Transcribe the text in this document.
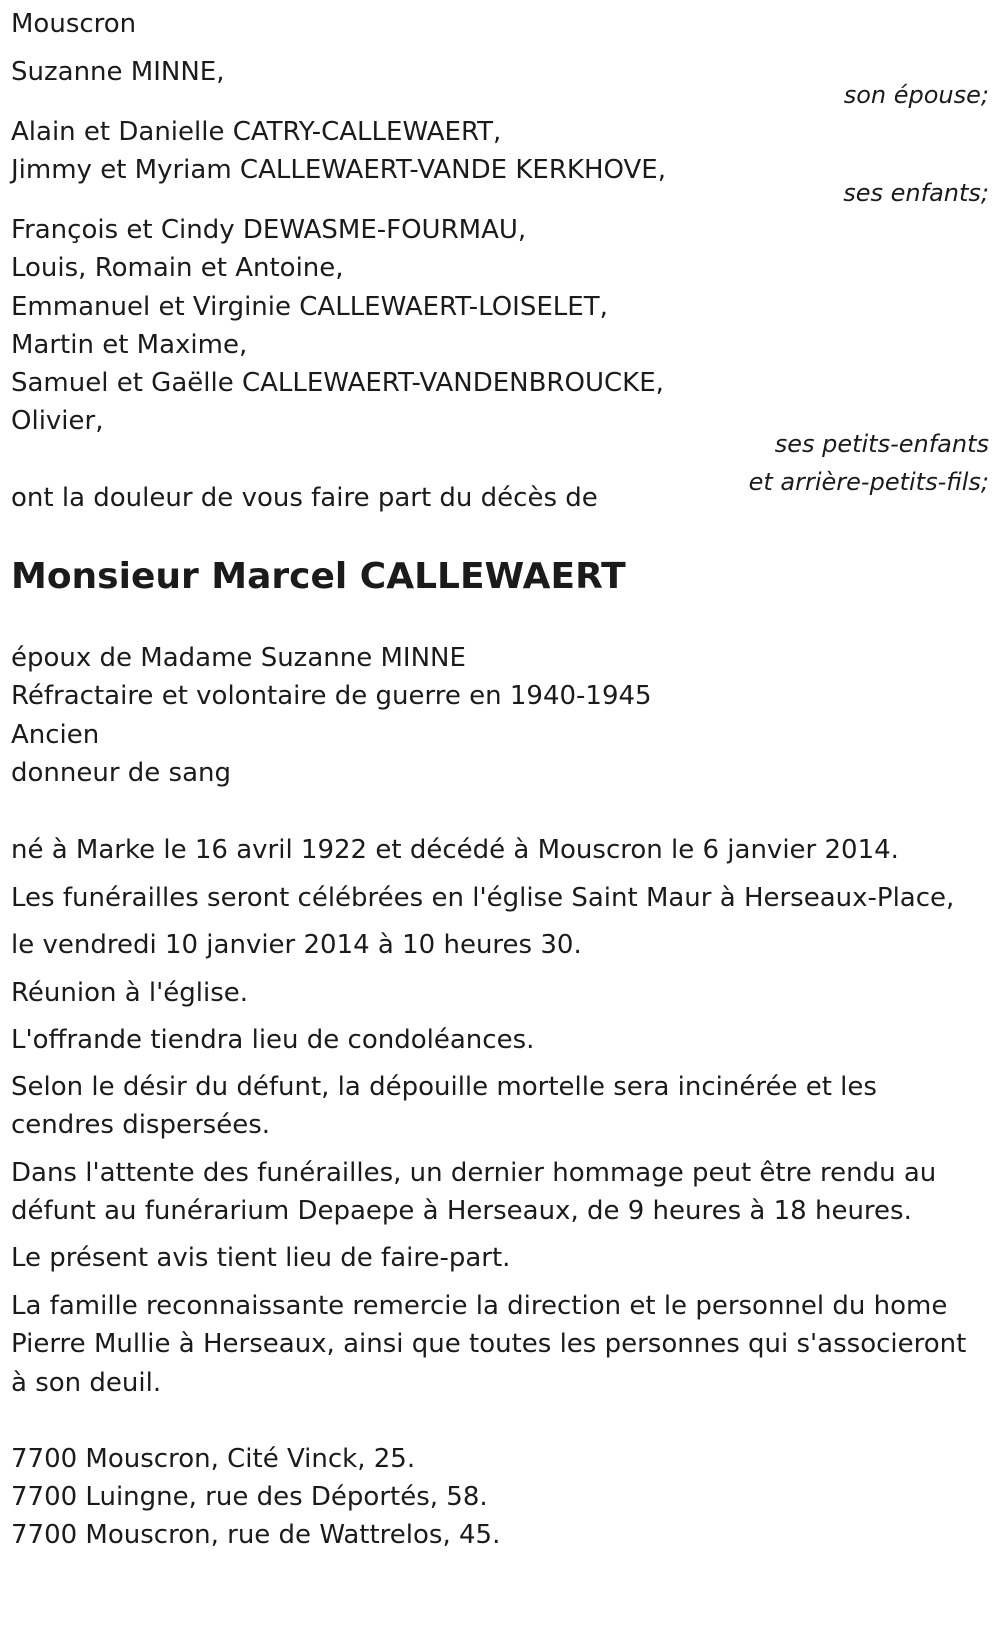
Mouscron

Suzanne MINNE,

son épouse;

Alain et Danielle CATRY-CALLEWAERT,

Jimmy et Myriam CALLEWAERT-VANDE KERKHOVE,

ses enfants;

François et Cindy DEWASME-FOURMAU,

Louis, Romain et Antoine,

Emmanuel et Virginie CALLEWAERT-LOISELET,

Martin et Maxime,

Samuel et Gaëlle CALLEWAERT-VANDENBROUCKE,

Olivier,

ses petits-enfants

et arrière-petits-fils;

ont la douleur de vous faire part du décès de

Monsieur Marcel CALLEWAERT

époux de Madame Suzanne MINNE

Réfractaire et volontaire de guerre en 1940-1945

Ancien

donneur de sang

né à Marke le 16 avril 1922 et décédé à Mouscron le 6 janvier 2014.

Les funérailles seront célébrées en l'église Saint Maur à Herseaux-Place,

le vendredi 10 janvier 2014 à 10 heures 30.

Réunion à l'église.

L'offrande tiendra lieu de condoléances.

Selon le désir du défunt, la dépouille mortelle sera incinérée et les

cendres dispersées.

Dans l'attente des funérailles, un dernier hommage peut être rendu au

défunt au funérarium Depaepe à Herseaux, de 9 heures à 18 heures.

Le présent avis tient lieu de faire-part.

La famille reconnaissante remercie la direction et le personnel du home

Pierre Mullie à Herseaux, ainsi que toutes les personnes qui s'associeront

à son deuil.

7700 Mouscron, Cité Vinck, 25.

7700 Luingne, rue des Déportés, 58.

7700 Mouscron, rue de Wattrelos, 45.
